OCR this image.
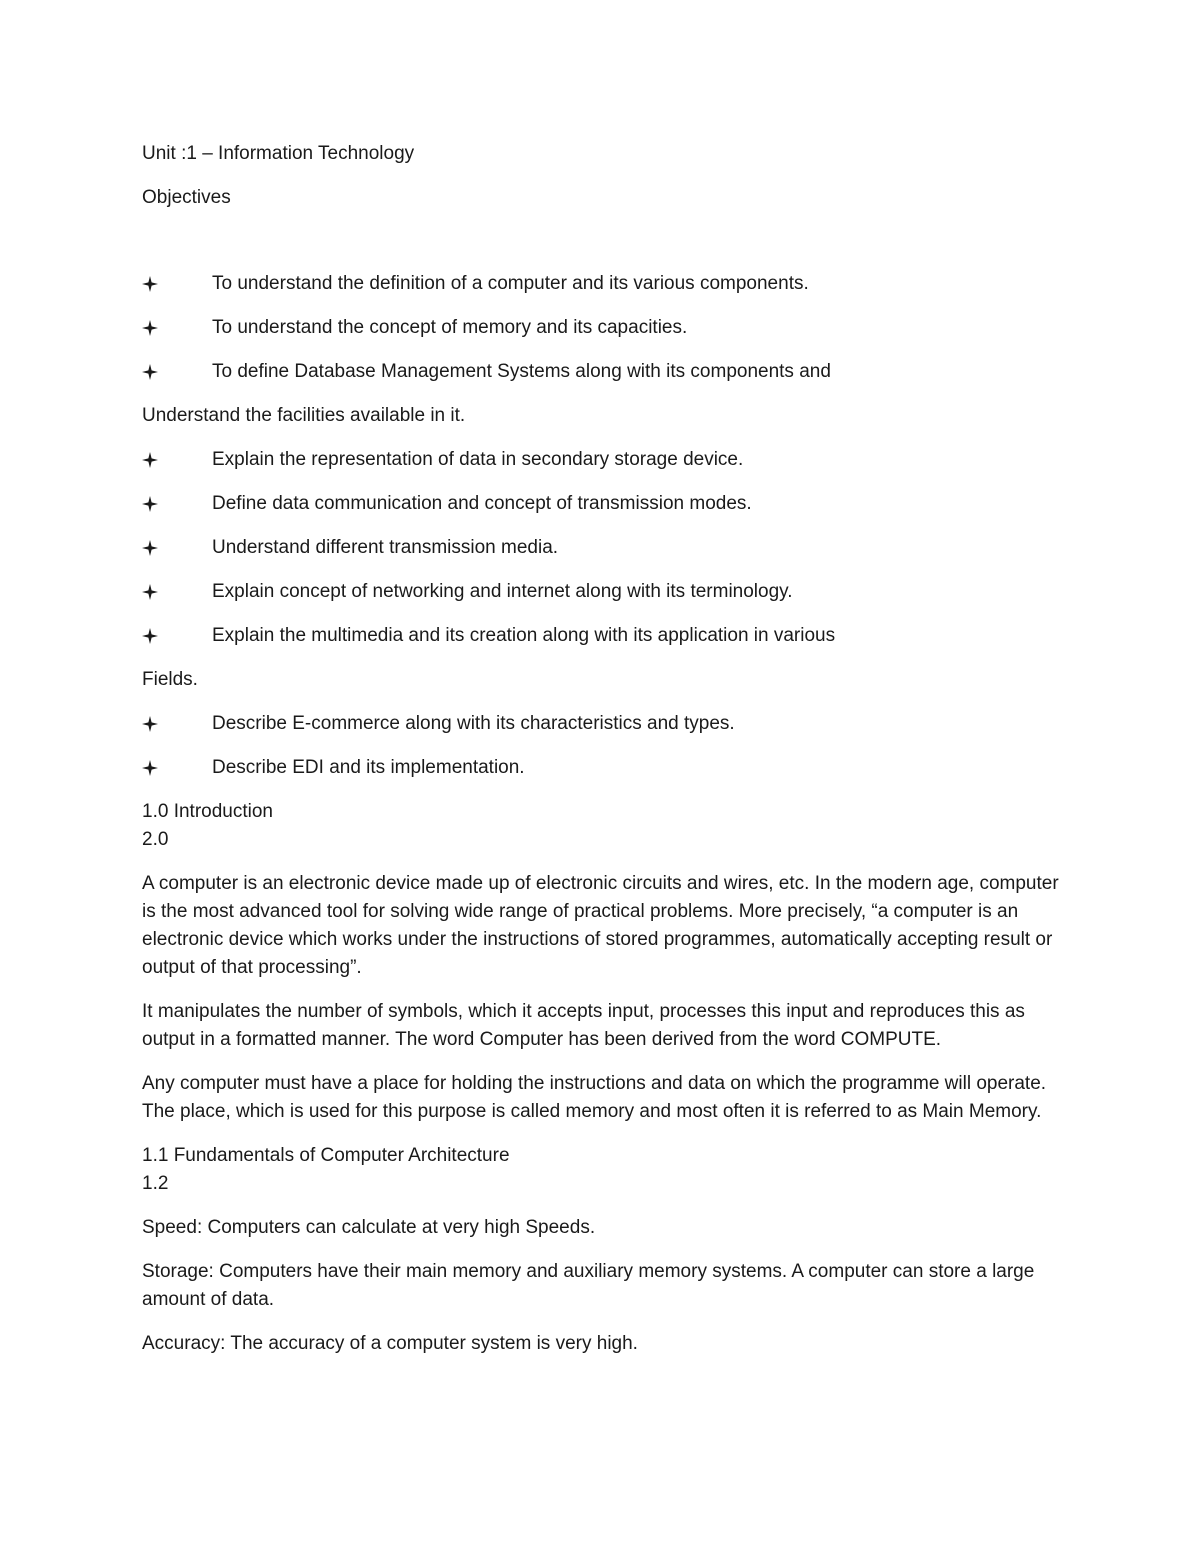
Unit :1 – Information Technology
Objectives
To understand the definition of a computer and its various components.
To understand the concept of memory and its capacities.
To define Database Management Systems along with its components and
Understand the facilities available in it.
Explain the representation of data in secondary storage device.
Define data communication and concept of transmission modes.
Understand different transmission media.
Explain concept of networking and internet along with its terminology.
Explain the multimedia and its creation along with its application in various
Fields.
Describe E-commerce along with its characteristics and types.
Describe EDI and its implementation.
1.0 Introduction
2.0

A computer is an electronic device made up of electronic circuits and wires, etc. In the modern age, computer is the most advanced tool for solving wide range of practical problems. More precisely, “a computer is an electronic device which works under the instructions of stored programmes, automatically accepting result or output of that processing”.

It manipulates the number of symbols, which it accepts input, processes this input and reproduces this as output in a formatted manner. The word Computer has been derived from the word COMPUTE.

Any computer must have a place for holding the instructions and data on which the programme will operate. The place, which is used for this purpose is called memory and most often it is referred to as Main Memory.

1.1 Fundamentals of Computer Architecture
1.2

Speed: Computers can calculate at very high Speeds.

Storage: Computers have their main memory and auxiliary memory systems. A computer can store a large amount of data.

Accuracy: The accuracy of a computer system is very high.
